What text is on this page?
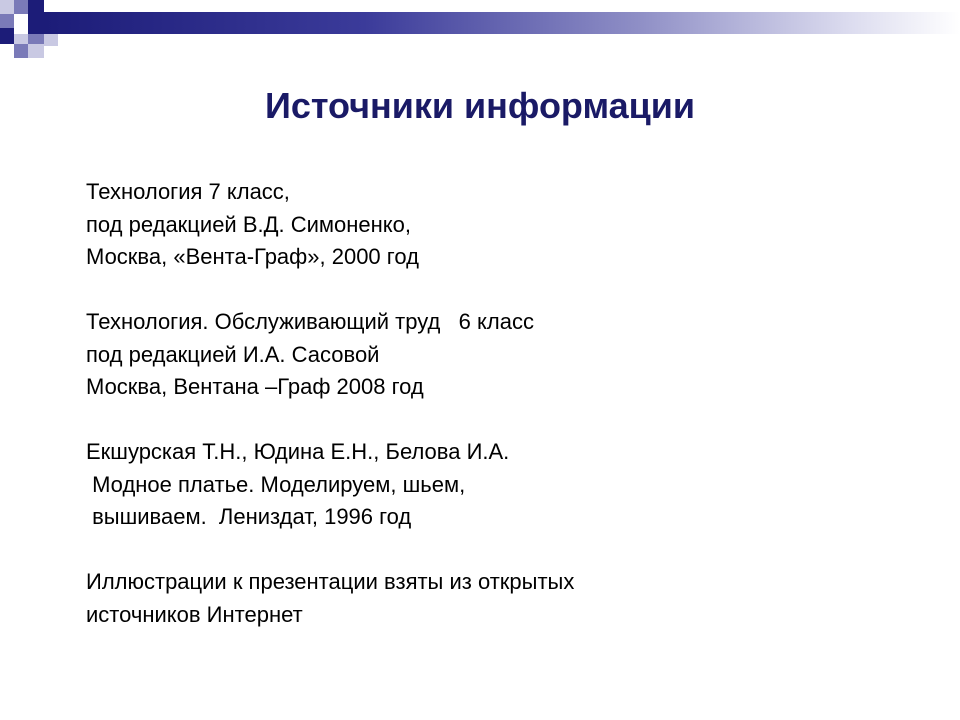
Источники информации
Технология 7 класс,
под редакцией В.Д. Симоненко,
Москва, «Вента-Граф», 2000 год
Технология. Обслуживающий труд   6 класс
под редакцией И.А. Сасовой
Москва, Вентана –Граф 2008 год
Екшурская Т.Н., Юдина Е.Н., Белова И.А.
Модное платье. Моделируем, шьем,
вышиваем.  Лениздат, 1996 год
Иллюстрации к презентации взяты из открытых
источников Интернет
